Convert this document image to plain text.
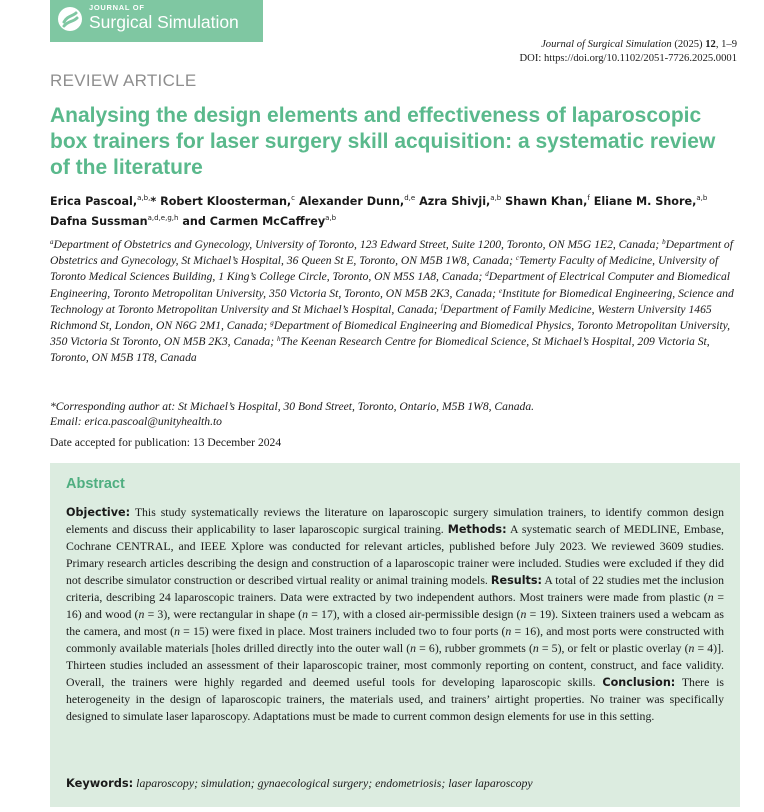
JOURNAL OF
Surgical Simulation
Journal of Surgical Simulation (2025) 12, 1–9
DOI: https://doi.org/10.1102/2051-7726.2025.0001
REVIEW ARTICLE
Analysing the design elements and effectiveness of laparoscopic box trainers for laser surgery skill acquisition: a systematic review of the literature
Erica Pascoal,$^{a,b,}$* Robert Kloosterman,$^c$ Alexander Dunn,$^{d,e}$ Azra Shivji,$^{a,b}$ Shawn Khan,$^f$ Eliane M. Shore,$^{a,b}$ Dafna Sussman$^{a,d,e,g,h}$ and Carmen McCaffrey$^{a,b}$
$^a$Department of Obstetrics and Gynecology, University of Toronto, 123 Edward Street, Suite 1200, Toronto, ON M5G 1E2, Canada; $^b$Department of Obstetrics and Gynecology, St Michael’s Hospital, 36 Queen St E, Toronto, ON M5B 1W8, Canada; $^c$Temerty Faculty of Medicine, University of Toronto Medical Sciences Building, 1 King’s College Circle, Toronto, ON M5S 1A8, Canada; $^d$Department of Electrical Computer and Biomedical Engineering, Toronto Metropolitan University, 350 Victoria St, Toronto, ON M5B 2K3, Canada; $^e$Institute for Biomedical Engineering, Science and Technology at Toronto Metropolitan University and St Michael’s Hospital, Canada; $^f$Department of Family Medicine, Western University 1465 Richmond St, London, ON N6G 2M1, Canada; $^g$Department of Biomedical Engineering and Biomedical Physics, Toronto Metropolitan University, 350 Victoria St Toronto, ON M5B 2K3, Canada; $^h$The Keenan Research Centre for Biomedical Science, St Michael’s Hospital, 209 Victoria St, Toronto, ON M5B 1T8, Canada
*Corresponding author at: St Michael’s Hospital, 30 Bond Street, Toronto, Ontario, M5B 1W8, Canada.
Email: erica.pascoal@unityhealth.to
Date accepted for publication: 13 December 2024
Abstract
Objective: This study systematically reviews the literature on laparoscopic surgery simulation trainers, to identify common design elements and discuss their applicability to laser laparoscopic surgical training. Methods: A systematic search of MEDLINE, Embase, Cochrane CENTRAL, and IEEE Xplore was conducted for relevant articles, published before July 2023. We reviewed 3609 studies. Primary research articles describing the design and construction of a laparoscopic trainer were included. Studies were excluded if they did not describe simulator construction or described virtual reality or animal training models. Results: A total of 22 studies met the inclusion criteria, describing 24 laparoscopic trainers. Data were extracted by two independent authors. Most trainers were made from plastic (n = 16) and wood (n = 3), were rectangular in shape (n = 17), with a closed air-permissible design (n = 19). Sixteen trainers used a webcam as the camera, and most (n = 15) were fixed in place. Most trainers included two to four ports (n = 16), and most ports were constructed with commonly available materials [holes drilled directly into the outer wall (n = 6), rubber grommets (n = 5), or felt or plastic overlay (n = 4)]. Thirteen studies included an assessment of their laparoscopic trainer, most commonly reporting on content, construct, and face validity. Overall, the trainers were highly regarded and deemed useful tools for developing laparoscopic skills. Conclusion: There is heterogeneity in the design of laparoscopic trainers, the materials used, and trainers’ airtight properties. No trainer was specifically designed to simulate laser laparoscopy. Adaptations must be made to current common design elements for use in this setting.
Keywords: laparoscopy; simulation; gynaecological surgery; endometriosis; laser laparoscopy
